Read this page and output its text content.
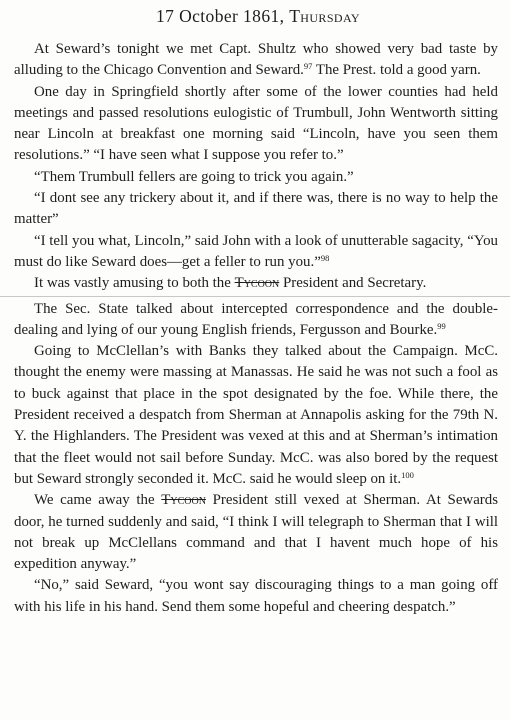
17 October 1861, Thursday

At Seward’s tonight we met Capt. Shultz who showed very bad taste by alluding to the Chicago Convention and Seward.$^{97}$ The Prest. told a good yarn.

One day in Springfield shortly after some of the lower counties had held meetings and passed resolutions eulogistic of Trumbull, John Wentworth sitting near Lincoln at breakfast one morning said “Lincoln, have you seen them resolutions.” “I have seen what I suppose you refer to.”

“Them Trumbull fellers are going to trick you again.”

“I dont see any trickery about it, and if there was, there is no way to help the matter”

“I tell you what, Lincoln,” said John with a look of unutterable sagacity, “You must do like Seward does—get a feller to run you.”$^{98}$

It was vastly amusing to both the Tycoon President and Secretary.

The Sec. State talked about intercepted correspondence and the double-dealing and lying of our young English friends, Fergusson and Bourke.$^{99}$

Going to McClellan’s with Banks they talked about the Campaign. McC. thought the enemy were massing at Manassas. He said he was not such a fool as to buck against that place in the spot designated by the foe. While there, the President received a despatch from Sherman at Annapolis asking for the 79th N. Y. the Highlanders. The President was vexed at this and at Sherman’s intimation that the fleet would not sail before Sunday. McC. was also bored by the request but Seward strongly seconded it. McC. said he would sleep on it.$^{100}$

We came away the Tycoon President still vexed at Sherman. At Sewards door, he turned suddenly and said, “I think I will telegraph to Sherman that I will not break up McClellans command and that I havent much hope of his expedition anyway.”

“No,” said Seward, “you wont say discouraging things to a man going off with his life in his hand. Send them some hopeful and cheering despatch.”
